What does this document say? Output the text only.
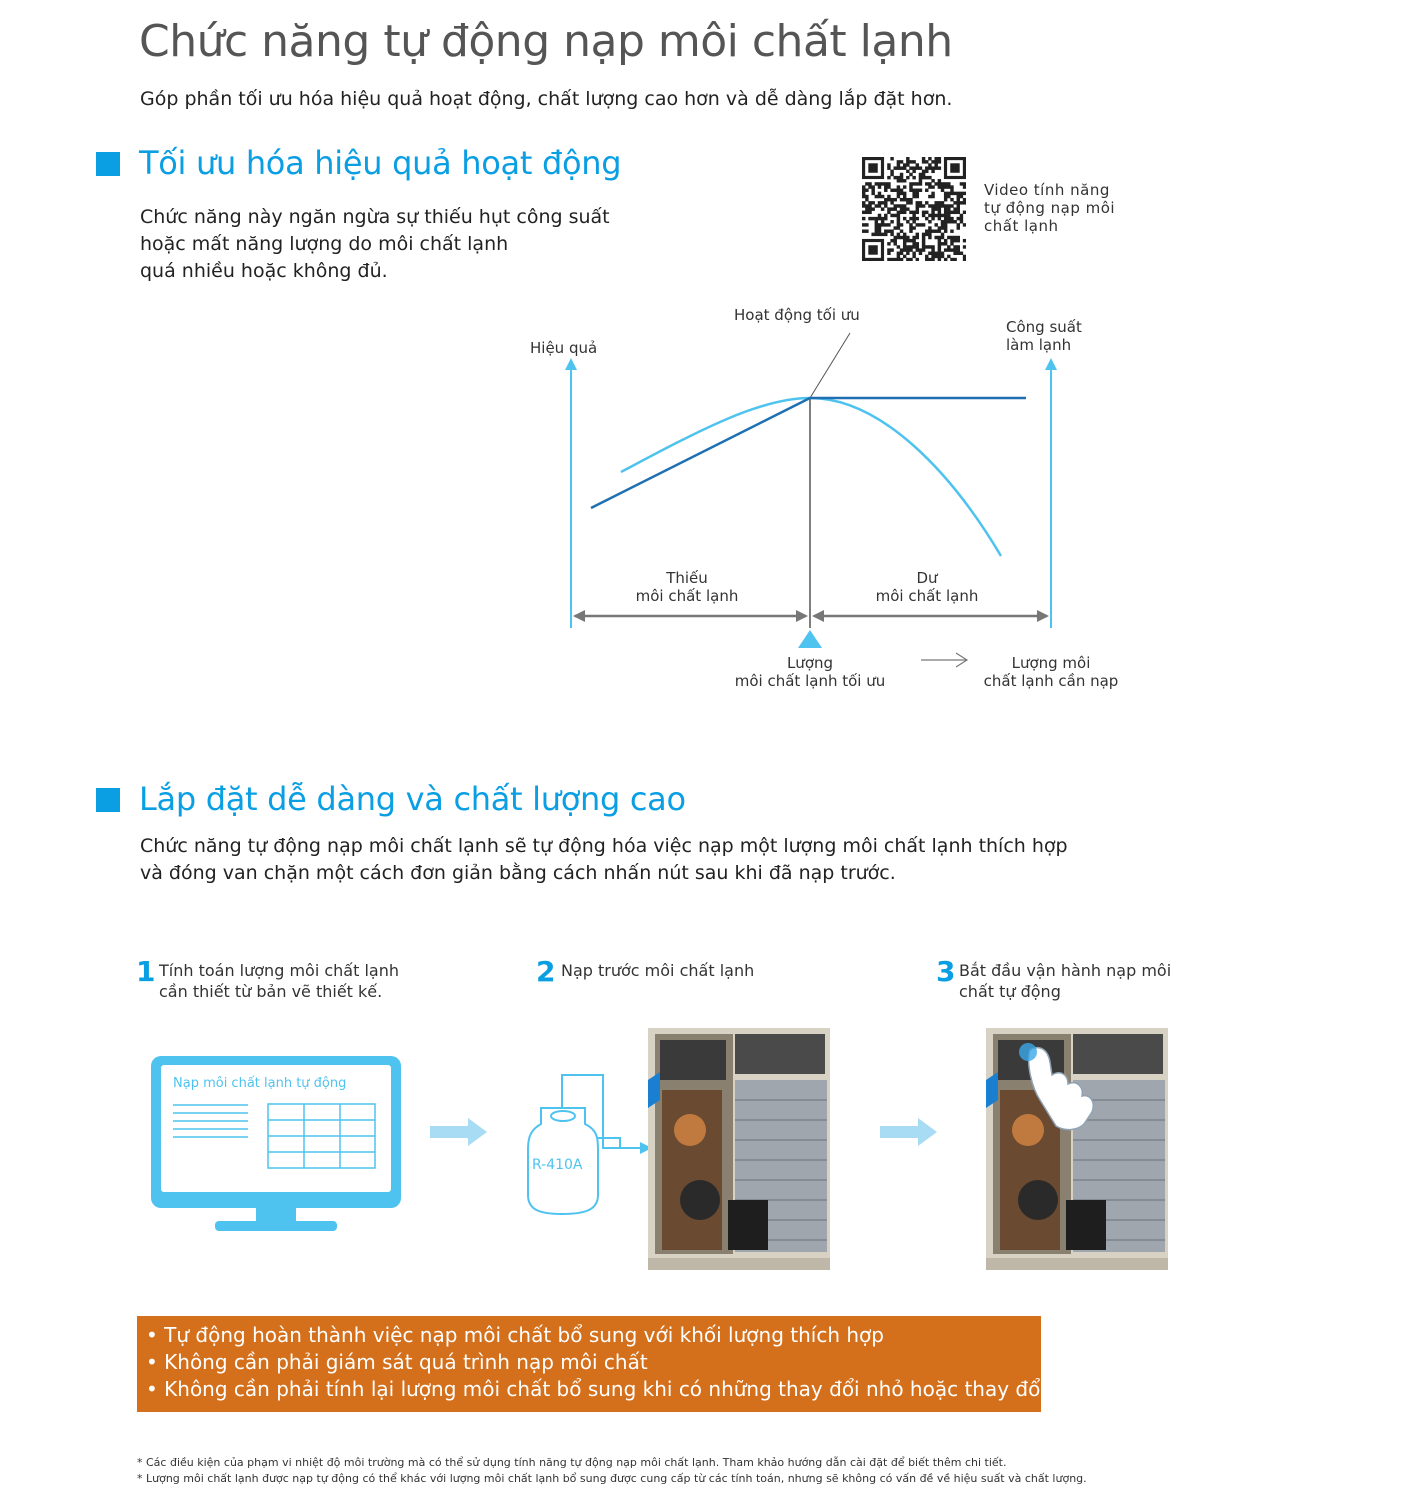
Chức năng tự động nạp môi chất lạnh
Góp phần tối ưu hóa hiệu quả hoạt động, chất lượng cao hơn và dễ dàng lắp đặt hơn.
Tối ưu hóa hiệu quả hoạt động
Chức năng này ngăn ngừa sự thiếu hụt công suất
hoặc mất năng lượng do môi chất lạnh
quá nhiều hoặc không đủ.
Video tính năng
tự động nạp môi
chất lạnh
Hoạt động tối ưu
Hiệu quả
Công suất
làm lạnh
Thiếu
môi chất lạnh
Dư
môi chất lạnh
Lượng
môi chất lạnh tối ưu
Lượng môi
chất lạnh cần nạp
Lắp đặt dễ dàng và chất lượng cao
Chức năng tự động nạp môi chất lạnh sẽ tự động hóa việc nạp một lượng môi chất lạnh thích hợp
và đóng van chặn một cách đơn giản bằng cách nhấn nút sau khi đã nạp trước.
1 Tính toán lượng môi chất lạnh
cần thiết từ bản vẽ thiết kế.
2 Nạp trước môi chất lạnh	3 Bắt đầu vận hành nạp môi
chất tự động
Nạp môi chất lạnh tự động
R-410A
• Tự động hoàn thành việc nạp môi chất bổ sung với khối lượng thích hợp
• Không cần phải giám sát quá trình nạp môi chất
• Không cần phải tính lại lượng môi chất bổ sung khi có những thay đổi nhỏ hoặc thay đổi cục bộ.
* Các điều kiện của phạm vi nhiệt độ môi trường mà có thể sử dụng tính năng tự động nạp môi chất lạnh. Tham khảo hướng dẫn cài đặt để biết thêm chi tiết.
* Lượng môi chất lạnh được nạp tự động có thể khác với lượng môi chất lạnh bổ sung được cung cấp từ các tính toán, nhưng sẽ không có vấn đề về hiệu suất và chất lượng.
